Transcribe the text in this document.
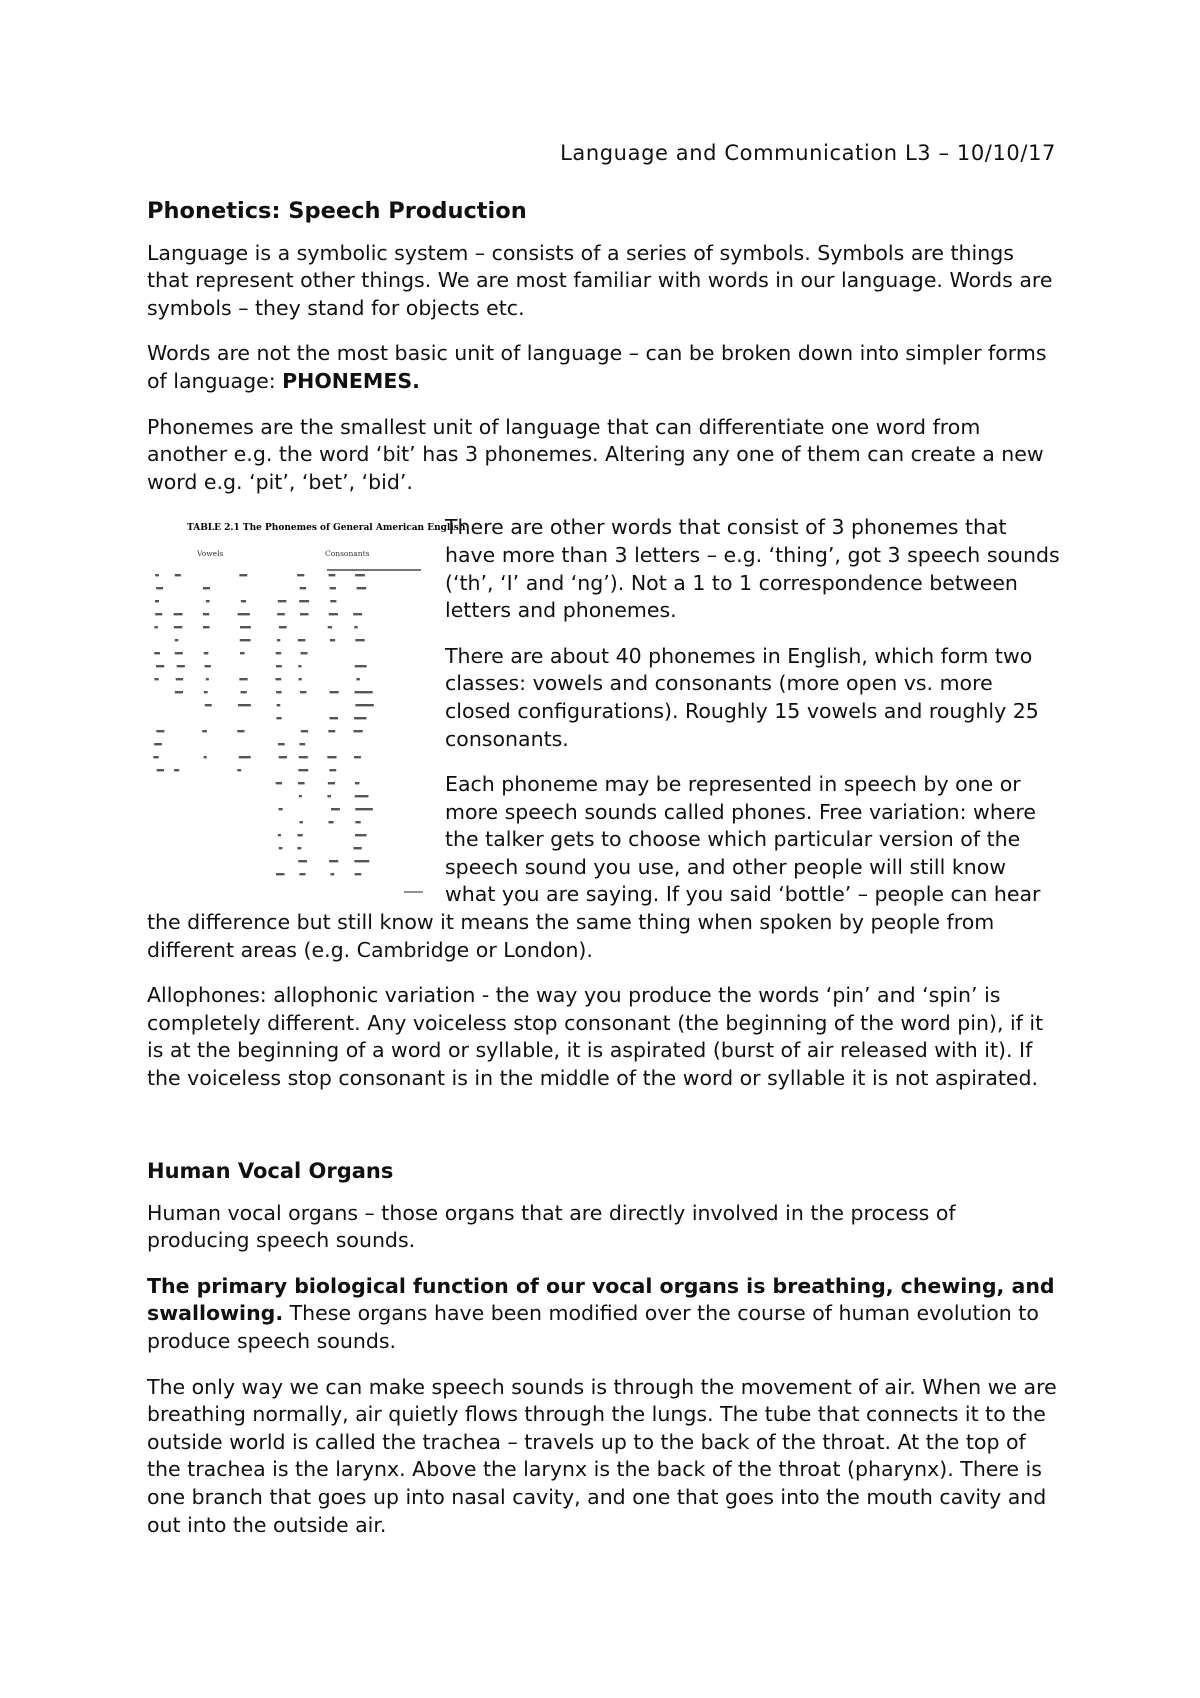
Language and Communication L3 – 10/10/17

Phonetics: Speech Production

Language is a symbolic system – consists of a series of symbols. Symbols are things that represent other things. We are most familiar with words in our language. Words are symbols – they stand for objects etc.

Words are not the most basic unit of language – can be broken down into simpler forms of language: PHONEMES.

Phonemes are the smallest unit of language that can differentiate one word from another e.g. the word ‘bit’ has 3 phonemes. Altering any one of them can create a new word e.g. ‘pit’, ‘bet’, ‘bid’.

TABLE 2.1 The Phonemes of General American English
Vowels	Consonants

There are other words that consist of 3 phonemes that have more than 3 letters – e.g. ‘thing’, got 3 speech sounds (‘th’, ‘I’ and ‘ng’). Not a 1 to 1 correspondence between letters and phonemes.

There are about 40 phonemes in English, which form two classes: vowels and consonants (more open vs. more closed configurations). Roughly 15 vowels and roughly 25 consonants.

Each phoneme may be represented in speech by one or more speech sounds called phones. Free variation: where the talker gets to choose which particular version of the speech sound you use, and other people will still know what you are saying. If you said ‘bottle’ – people can hear the difference but still know it means the same thing when spoken by people from different areas (e.g. Cambridge or London).

Allophones: allophonic variation - the way you produce the words ‘pin’ and ‘spin’ is completely different. Any voiceless stop consonant (the beginning of the word pin), if it is at the beginning of a word or syllable, it is aspirated (burst of air released with it). If the voiceless stop consonant is in the middle of the word or syllable it is not aspirated.

Human Vocal Organs

Human vocal organs – those organs that are directly involved in the process of producing speech sounds.

The primary biological function of our vocal organs is breathing, chewing, and swallowing. These organs have been modified over the course of human evolution to produce speech sounds.

The only way we can make speech sounds is through the movement of air. When we are breathing normally, air quietly flows through the lungs. The tube that connects it to the outside world is called the trachea – travels up to the back of the throat. At the top of the trachea is the larynx. Above the larynx is the back of the throat (pharynx). There is one branch that goes up into nasal cavity, and one that goes into the mouth cavity and out into the outside air.
